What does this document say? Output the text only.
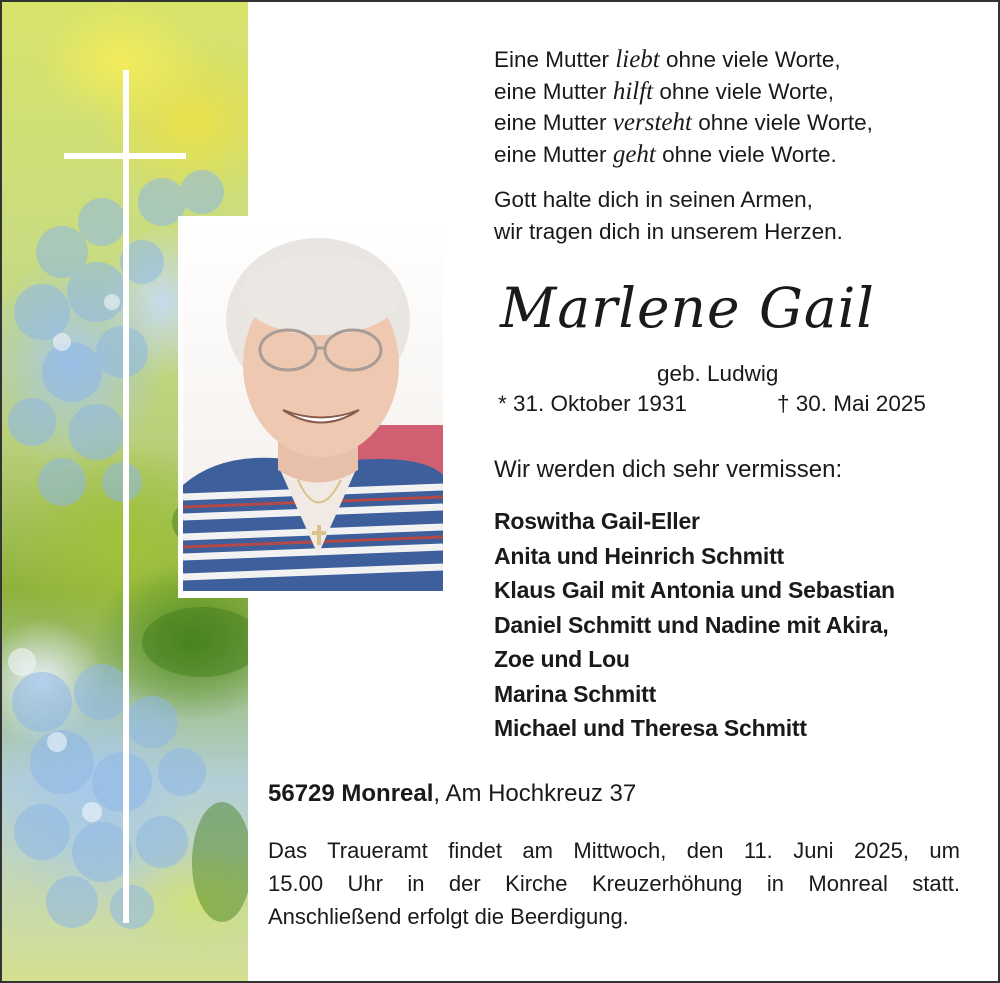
Eine Mutter liebt ohne viele Worte,
eine Mutter hilft ohne viele Worte,
eine Mutter versteht ohne viele Worte,
eine Mutter geht ohne viele Worte.
Gott halte dich in seinen Armen,
wir tragen dich in unserem Herzen.
Marlene Gail
geb. Ludwig
* 31. Oktober 1931	† 30. Mai 2025
Wir werden dich sehr vermissen:
Roswitha Gail-Eller
Anita und Heinrich Schmitt
Klaus Gail mit Antonia und Sebastian
Daniel Schmitt und Nadine mit Akira,
Zoe und Lou
Marina Schmitt
Michael und Theresa Schmitt
56729 Monreal, Am Hochkreuz 37
Das Traueramt findet am Mittwoch, den 11. Juni 2025, um
15.00 Uhr in der Kirche Kreuzerhöhung in Monreal statt.
Anschließend erfolgt die Beerdigung.
